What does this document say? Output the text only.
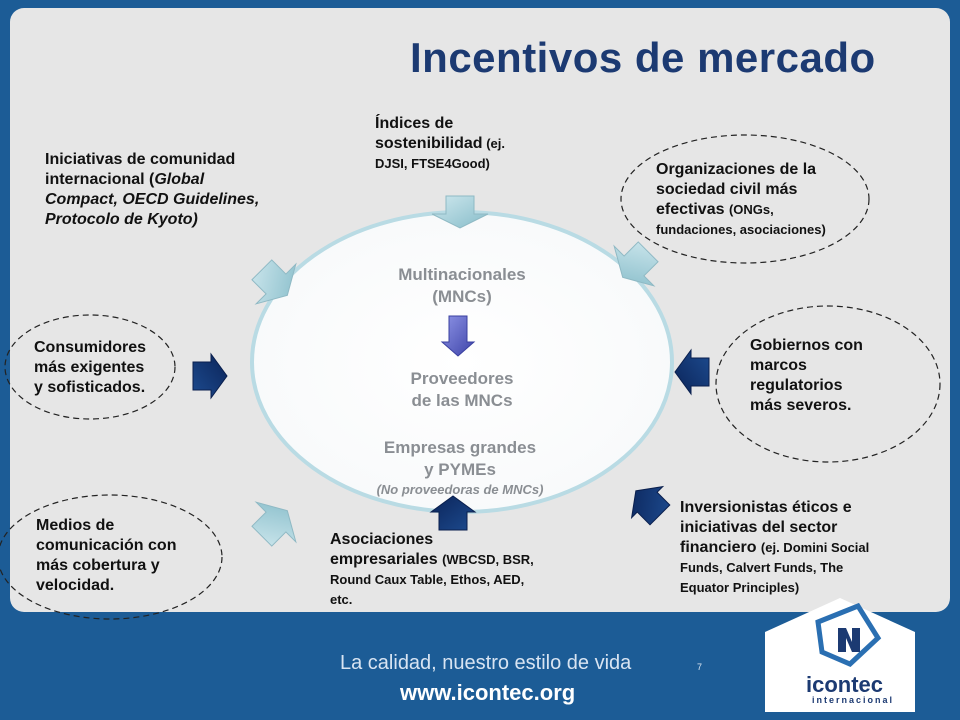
Incentivos de mercado
Multinacionales
(MNCs)
Proveedores
de las MNCs
Empresas grandes
y PYMEs
(No proveedoras de MNCs)
Índices de
sostenibilidad (ej.
DJSI, FTSE4Good)
Iniciativas de comunidad
internacional (Global
Compact, OECD Guidelines,
Protocolo de Kyoto)
Organizaciones de la
sociedad civil más
efectivas (ONGs,
fundaciones, asociaciones)
Consumidores
más exigentes
y sofisticados.
Gobiernos con
marcos
regulatorios
más severos.
Medios de
comunicación con
más cobertura y
velocidad.
Asociaciones
empresariales (WBCSD, BSR,
Round Caux Table, Ethos, AED,
etc.
Inversionistas éticos e
iniciativas del sector
financiero (ej. Domini Social
Funds, Calvert Funds, The
Equator Principles)
La calidad, nuestro estilo de vida
www.icontec.org
7
icontec
internacional
